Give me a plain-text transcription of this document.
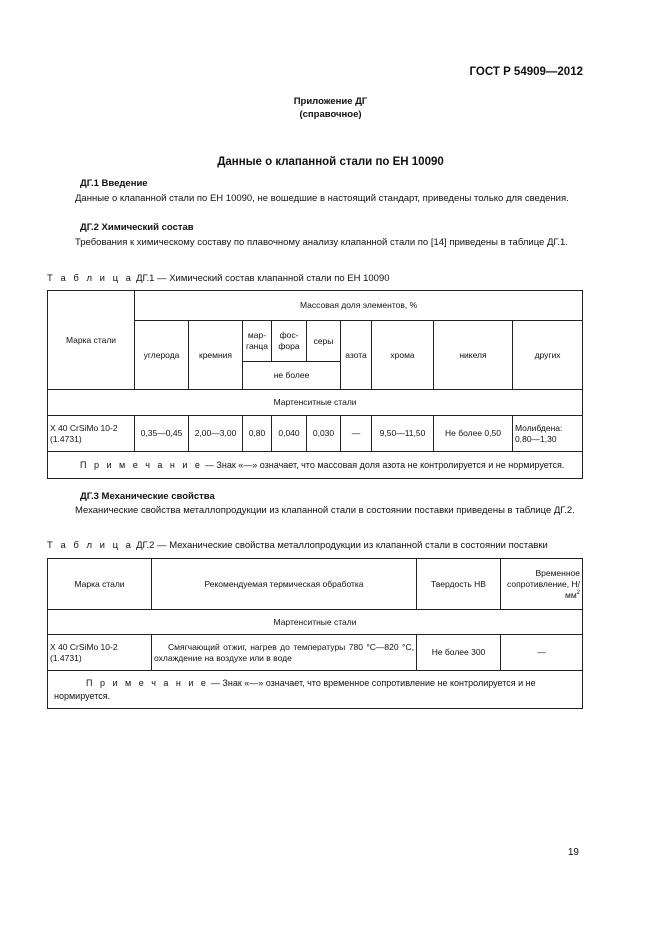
ГОСТ Р 54909—2012
Приложение ДГ
(справочное)
Данные о клапанной стали по ЕН 10090
ДГ.1 Введение
Данные о клапанной стали по ЕН 10090, не вошедшие в настоящий стандарт, приведены только для сведения.
ДГ.2 Химический состав
Требования к химическому составу по плавочному анализу клапанной стали по [14] приведены в таблице ДГ.1.
Т а б л и ц а ДГ.1 — Химический состав клапанной стали по ЕН 10090
Марка стали	Массовая доля элементов, %								
	углерода	кремния	мар-ганца	фос-фора	серы	азота	хрома	никеля	других
			не более						
Мартенситные стали									
X 40 CrSiMo 10-2 (1.4731)	0,35—0,45	2,00—3,00	0,80	0,040	0,030	—	9,50—11,50	Не более 0,50	Молибдена: 0,80—1,30
П р и м е ч а н и е — Знак «—» означает, что массовая доля азота не контролируется и не нормируется.									
ДГ.3 Механические свойства
Механические свойства металлопродукции из клапанной стали в состоянии поставки приведены в таблице ДГ.2.
Т а б л и ц а ДГ.2 — Механические свойства металлопродукции из клапанной стали в состоянии поставки
Марка стали	Рекомендуемая термическая обработка	Твердость НВ	Временное сопротивление, $Н/мм^2$
Мартенситные стали			
X 40 CrSiMo 10-2 (1.4731)	Смягчающий отжиг, нагрев до температуры 780 °С—820 °С, охлаждение на воздухе или в воде	Не более 300	—
П р и м е ч а н и е — Знак «—» означает, что временное сопротивление не контролируется и не нормируется.			
19
